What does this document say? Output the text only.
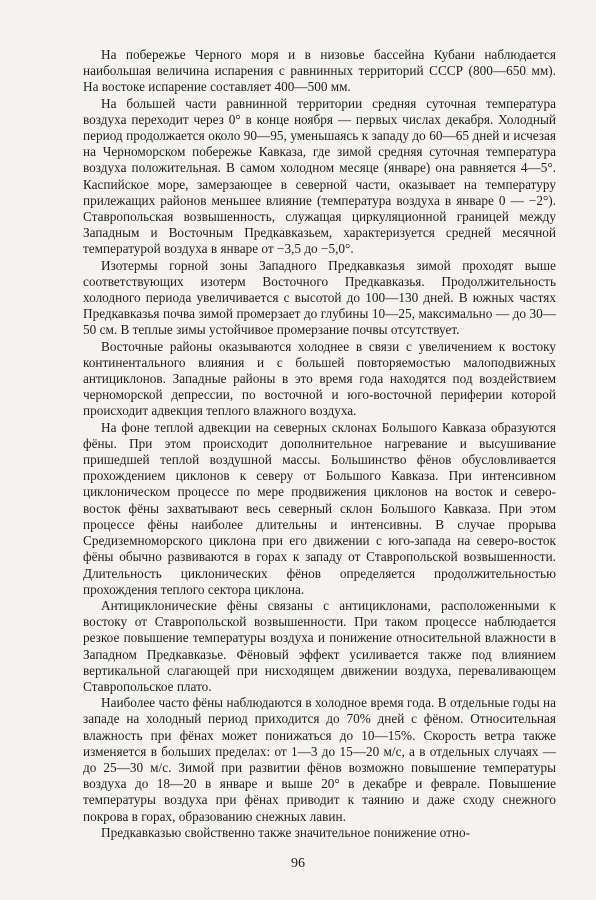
На побережье Черного моря и в низовье бассейна Кубани наблюдается наибольшая величина испарения с равнинных территорий СССР (800—650 мм). На востоке испарение составляет 400—500 мм.

На большей части равнинной территории средняя суточная температура воздуха переходит через 0° в конце ноября — первых числах декабря. Холодный период продолжается около 90—95, уменьшаясь к западу до 60—65 дней и исчезая на Черноморском побережье Кавказа, где зимой средняя суточная температура воздуха положительная. В самом холодном месяце (январе) она равняется 4—5°. Каспийское море, замерзающее в северной части, оказывает на температуру прилежащих районов меньшее влияние (температура воздуха в январе 0 — −2°). Ставропольская возвышенность, служащая циркуляционной границей между Западным и Восточным Предкавказьем, характеризуется средней месячной температурой воздуха в январе от −3,5 до −5,0°.

Изотермы горной зоны Западного Предкавказья зимой проходят выше соответствующих изотерм Восточного Предкавказья. Продолжительность холодного периода увеличивается с высотой до 100—130 дней. В южных частях Предкавказья почва зимой промерзает до глубины 10—25, максимально — до 30—50 см. В теплые зимы устойчивое промерзание почвы отсутствует.

Восточные районы оказываются холоднее в связи с увеличением к востоку континентального влияния и с большей повторяемостью малоподвижных антициклонов. Западные районы в это время года находятся под воздействием черноморской депрессии, по восточной и юго-восточной периферии которой происходит адвекция теплого влажного воздуха.

На фоне теплой адвекции на северных склонах Большого Кавказа образуются фёны. При этом происходит дополнительное нагревание и высушивание пришедшей теплой воздушной массы. Большинство фёнов обусловливается прохождением циклонов к северу от Большого Кавказа. При интенсивном циклоническом процессе по мере продвижения циклонов на восток и северо-восток фёны захватывают весь северный склон Большого Кавказа. При этом процессе фёны наиболее длительны и интенсивны. В случае прорыва Средиземноморского циклона при его движении с юго-запада на северо-восток фёны обычно развиваются в горах к западу от Ставропольской возвышенности. Длительность циклонических фёнов определяется продолжительностью прохождения теплого сектора циклона.

Антициклонические фёны связаны с антициклонами, расположенными к востоку от Ставропольской возвышенности. При таком процессе наблюдается резкое повышение температуры воздуха и понижение относительной влажности в Западном Предкавказье. Фёновый эффект усиливается также под влиянием вертикальной слагающей при нисходящем движении воздуха, переваливающем Ставропольское плато.

Наиболее часто фёны наблюдаются в холодное время года. В отдельные годы на западе на холодный период приходится до 70% дней с фёном. Относительная влажность при фёнах может понижаться до 10—15%. Скорость ветра также изменяется в больших пределах: от 1—3 до 15—20 м/с, а в отдельных случаях — до 25—30 м/с. Зимой при развитии фёнов возможно повышение температуры воздуха до 18—20 в январе и выше 20° в декабре и феврале. Повышение температуры воздуха при фёнах приводит к таянию и даже сходу снежного покрова в горах, образованию снежных лавин.

Предкавказью свойственно также значительное понижение отно-

96
